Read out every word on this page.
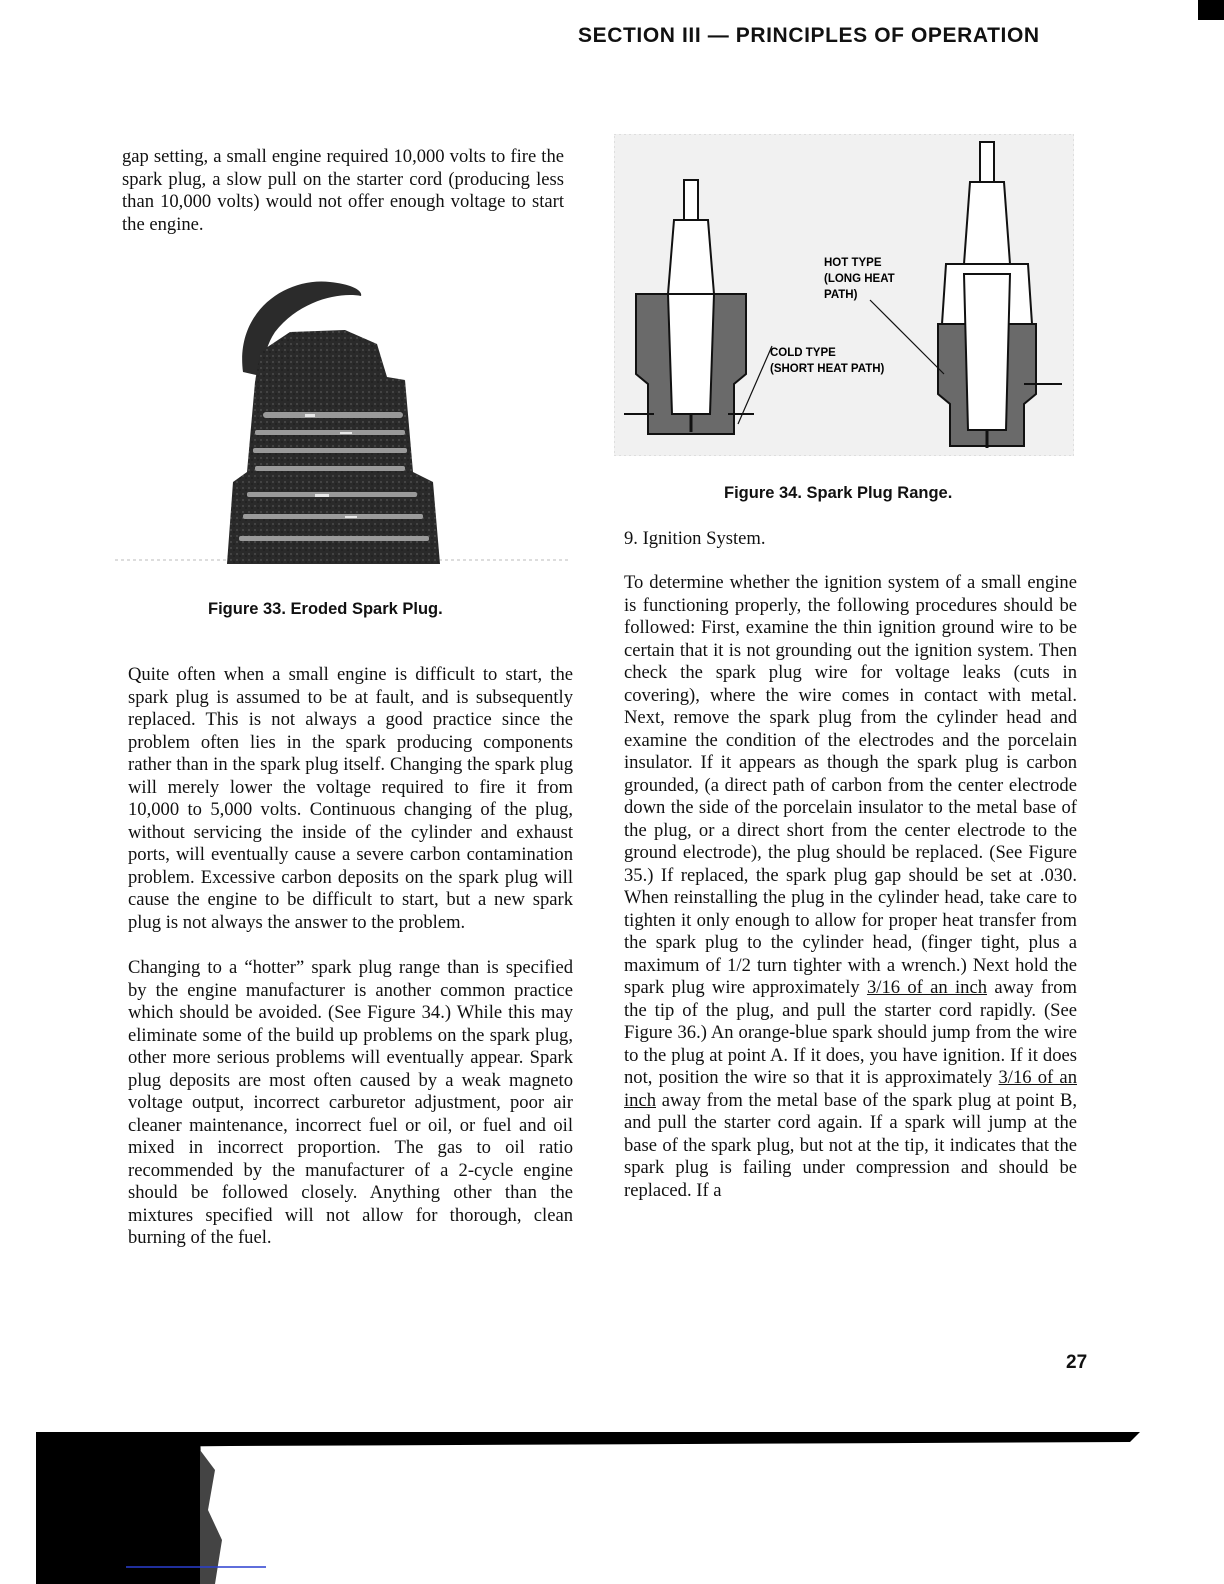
SECTION III — PRINCIPLES OF OPERATION

gap setting, a small engine required 10,000 volts to fire the spark plug, a slow pull on the starter cord (producing less than 10,000 volts) would not offer enough voltage to start the engine.

Figure 33. Eroded Spark Plug.

Quite often when a small engine is difficult to start, the spark plug is assumed to be at fault, and is subsequently replaced. This is not always a good practice since the problem often lies in the spark producing components rather than in the spark plug itself. Changing the spark plug will merely lower the voltage required to fire it from 10,000 to 5,000 volts. Continuous changing of the plug, without servicing the inside of the cylinder and exhaust ports, will eventually cause a severe carbon contamination problem. Excessive carbon deposits on the spark plug will cause the engine to be difficult to start, but a new spark plug is not always the answer to the problem.

Changing to a “hotter” spark plug range than is specified by the engine manufacturer is another common practice which should be avoided. (See Figure 34.) While this may eliminate some of the build up problems on the spark plug, other more serious problems will eventually appear. Spark plug deposits are most often caused by a weak magneto voltage output, incorrect carburetor adjustment, poor air cleaner maintenance, incorrect fuel or oil, or fuel and oil mixed in incorrect proportion. The gas to oil ratio recommended by the manufacturer of a 2-cycle engine should be followed closely. Anything other than the mixtures specified will not allow for thorough, clean burning of the fuel.

HOT TYPE
(LONG HEAT
PATH)
COLD TYPE
(SHORT HEAT PATH)
Figure 34. Spark Plug Range.

9. Ignition System.

To determine whether the ignition system of a small engine is functioning properly, the following procedures should be followed: First, examine the thin ignition ground wire to be certain that it is not grounding out the ignition system. Then check the spark plug wire for voltage leaks (cuts in covering), where the wire comes in contact with metal. Next, remove the spark plug from the cylinder head and examine the condition of the electrodes and the porcelain insulator. If it appears as though the spark plug is carbon grounded, (a direct path of carbon from the center electrode down the side of the porcelain insulator to the metal base of the plug, or a direct short from the center electrode to the ground electrode), the plug should be replaced. (See Figure 35.) If replaced, the spark plug gap should be set at .030. When reinstalling the plug in the cylinder head, take care to tighten it only enough to allow for proper heat transfer from the spark plug to the cylinder head, (finger tight, plus a maximum of 1/2 turn tighter with a wrench.) Next hold the spark plug wire approximately 3/16 of an inch away from the tip of the plug, and pull the starter cord rapidly. (See Figure 36.) An orange-blue spark should jump from the wire to the plug at point A. If it does, you have ignition. If it does not, position the wire so that it is approximately 3/16 of an inch away from the metal base of the spark plug at point B, and pull the starter cord again. If a spark will jump at the base of the spark plug, but not at the tip, it indicates that the spark plug is failing under compression and should be replaced. If a

27
